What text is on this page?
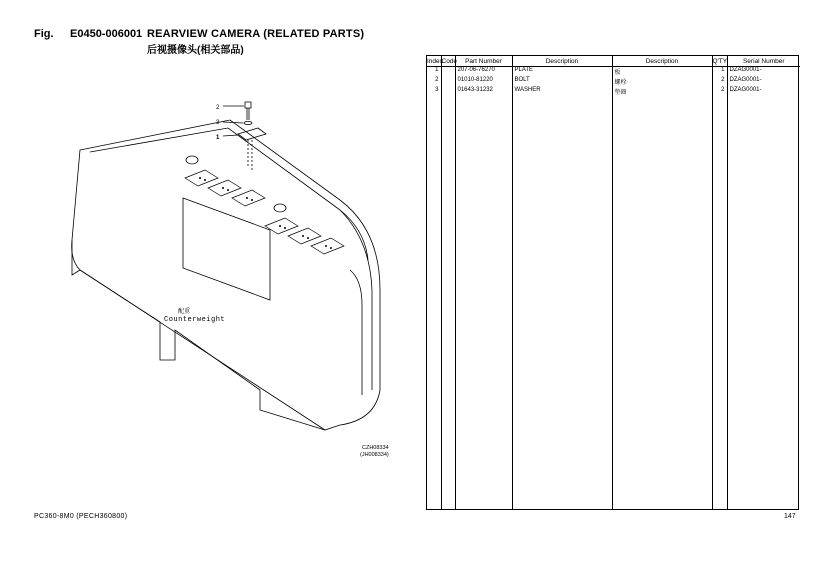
Fig. E0450-006001 REARVIEW CAMERA (RELATED PARTS)
后视摄像头(相关部品)
2
3
1
配重
Counterweight
CZH08334
(JH008334)
Index	Code	Part Number	Description	Description	Q'TY	Serial Number
1		207-06-76270	PLATE	板	1	DZAG0001-
2		01010-81220	BOLT	螺栓	2	DZAG0001-
3		01643-31232	WASHER	垫圈	2	DZAG0001-

PC360-8M0 (PECH360800)	147
